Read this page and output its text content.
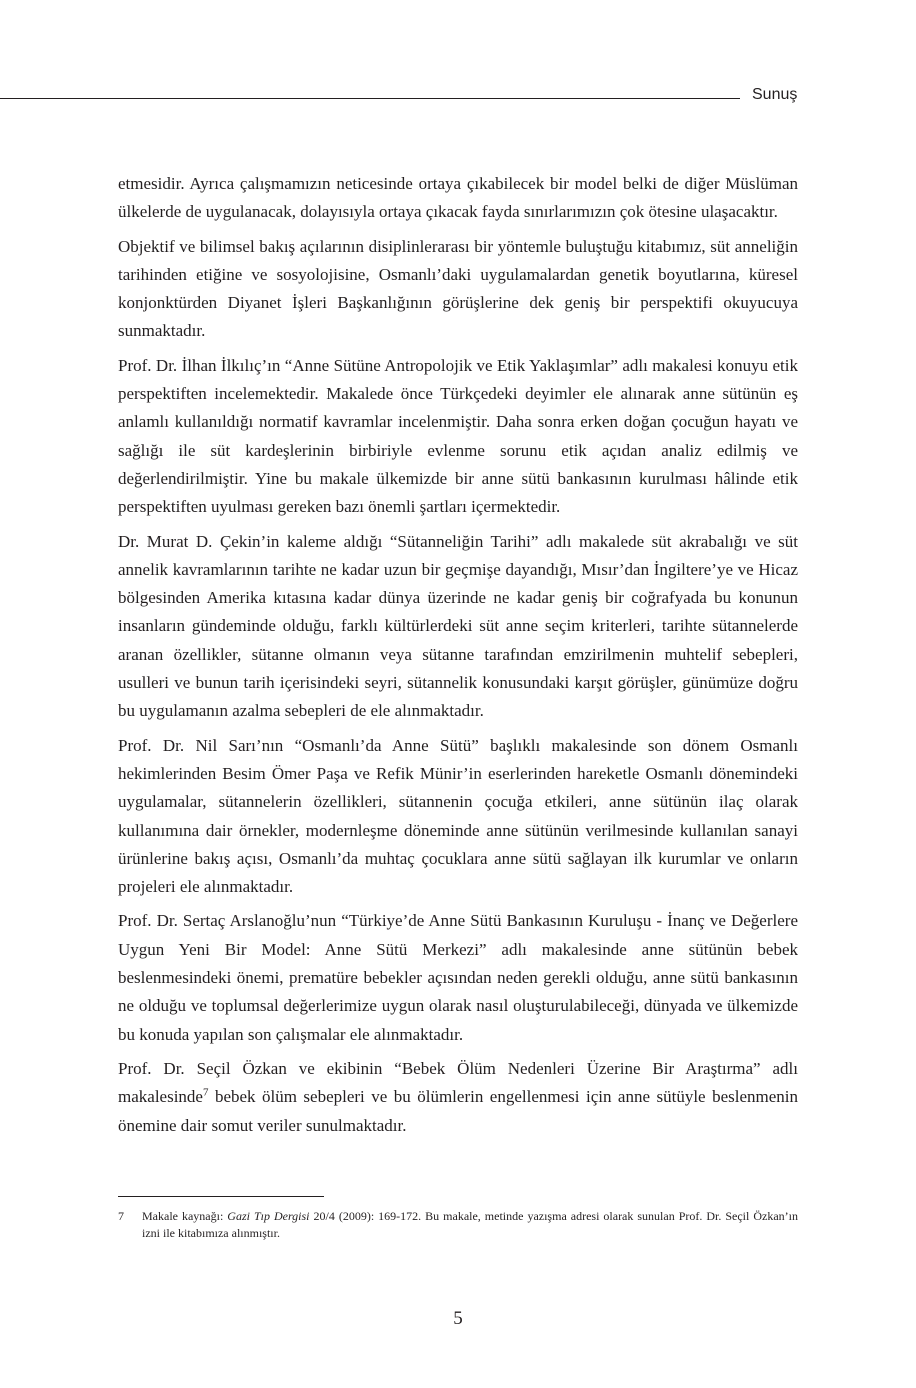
Sunuş

etmesidir. Ayrıca çalışmamızın neticesinde ortaya çıkabilecek bir model belki de diğer Müslüman ülkelerde de uygulanacak, dolayısıyla ortaya çıkacak fayda sınırlarımızın çok ötesine ulaşacaktır.

Objektif ve bilimsel bakış açılarının disiplinlerarası bir yöntemle buluştuğu kitabımız, süt anneliğin tarihinden etiğine ve sosyolojisine, Osmanlı’daki uygulamalardan genetik boyutlarına, küresel konjonktürden Diyanet İşleri Başkanlığının görüşlerine dek geniş bir perspektifi okuyucuya sunmaktadır.

Prof. Dr. İlhan İlkılıç’ın “Anne Sütüne Antropolojik ve Etik Yaklaşımlar” adlı makalesi konuyu etik perspektiften incelemektedir. Makalede önce Türkçedeki deyimler ele alınarak anne sütünün eş anlamlı kullanıldığı normatif kavramlar incelenmiştir. Daha sonra erken doğan çocuğun hayatı ve sağlığı ile süt kardeşlerinin birbiriyle evlenme sorunu etik açıdan analiz edilmiş ve değerlendirilmiştir. Yine bu makale ülkemizde bir anne sütü bankasının kurulması hâlinde etik perspektiften uyulması gereken bazı önemli şartları içermektedir.

Dr. Murat D. Çekin’in kaleme aldığı “Sütanneliğin Tarihi” adlı makalede süt akrabalığı ve süt annelik kavramlarının tarihte ne kadar uzun bir geçmişe dayandığı, Mısır’dan İngiltere’ye ve Hicaz bölgesinden Amerika kıtasına kadar dünya üzerinde ne kadar geniş bir coğrafyada bu konunun insanların gündeminde olduğu, farklı kültürlerdeki süt anne seçim kriterleri, tarihte sütannelerde aranan özellikler, sütanne olmanın veya sütanne tarafından emzirilmenin muhtelif sebepleri, usulleri ve bunun tarih içerisindeki seyri, sütannelik konusundaki karşıt görüşler, günümüze doğru bu uygulamanın azalma sebepleri de ele alınmaktadır.

Prof. Dr. Nil Sarı’nın “Osmanlı’da Anne Sütü” başlıklı makalesinde son dönem Osmanlı hekimlerinden Besim Ömer Paşa ve Refik Münir’in eserlerinden hareketle Osmanlı dönemindeki uygulamalar, sütannelerin özellikleri, sütannenin çocuğa etkileri, anne sütünün ilaç olarak kullanımına dair örnekler, modernleşme döneminde anne sütünün verilmesinde kullanılan sanayi ürünlerine bakış açısı, Osmanlı’da muhtaç çocuklara anne sütü sağlayan ilk kurumlar ve onların projeleri ele alınmaktadır.

Prof. Dr. Sertaç Arslanoğlu’nun “Türkiye’de Anne Sütü Bankasının Kuruluşu - İnanç ve Değerlere Uygun Yeni Bir Model: Anne Sütü Merkezi” adlı makalesinde anne sütünün bebek beslenmesindeki önemi, prematüre bebekler açısından neden gerekli olduğu, anne sütü bankasının ne olduğu ve toplumsal değerlerimize uygun olarak nasıl oluşturulabileceği, dünyada ve ülkemizde bu konuda yapılan son çalışmalar ele alınmaktadır.

Prof. Dr. Seçil Özkan ve ekibinin “Bebek Ölüm Nedenleri Üzerine Bir Araştırma” adlı makalesinde$^7$ bebek ölüm sebepleri ve bu ölümlerin engellenmesi için anne sütüyle beslenmenin önemine dair somut veriler sunulmaktadır.

7 Makale kaynağı: Gazi Tıp Dergisi 20/4 (2009): 169-172. Bu makale, metinde yazışma adresi olarak sunulan Prof. Dr. Seçil Özkan’ın izni ile kitabımıza alınmıştır.
5
